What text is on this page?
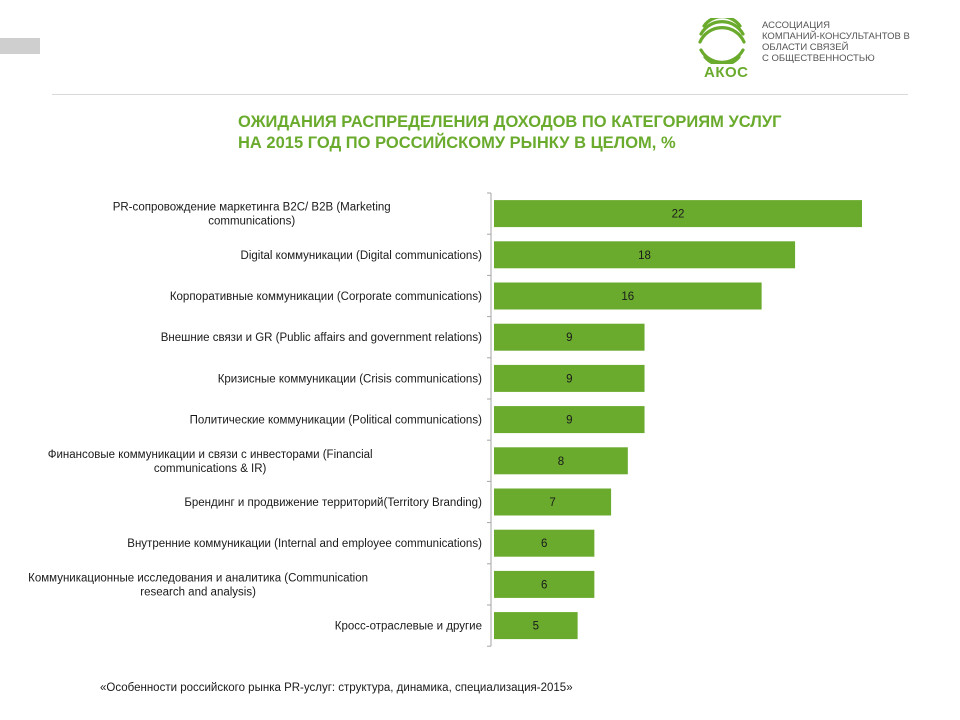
АКОС
АССОЦИАЦИЯ
КОМПАНИЙ-КОНСУЛЬТАНТОВ В
ОБЛАСТИ СВЯЗЕЙ
С ОБЩЕСТВЕННОСТЬЮ
ОЖИДАНИЯ РАСПРЕДЕЛЕНИЯ ДОХОДОВ ПО КАТЕГОРИЯМ УСЛУГ
НА 2015 ГОД ПО РОССИЙСКОМУ РЫНКУ В ЦЕЛОМ, %
22
PR-сопровождение маркетинга B2C/ B2B (Marketing communications)
18
Digital коммуникации (Digital communications)
16
Корпоративные коммуникации (Corporate communications)
9
Внешние связи и GR (Public affairs and government relations)
9
Кризисные коммуникации (Crisis communications)
9
Политические коммуникации (Political communications)
8
Финансовые коммуникации и связи с инвесторами (Financial communications & IR)
7
Брендинг и продвижение территорий(Territory Branding)
6
Внутренние коммуникации (Internal and employee communications)
6
Коммуникационные исследования и аналитика (Communication research and analysis)
5
Кросс-отраслевые и другие
«Особенности российского рынка PR-услуг: структура, динамика, специализация-2015»
